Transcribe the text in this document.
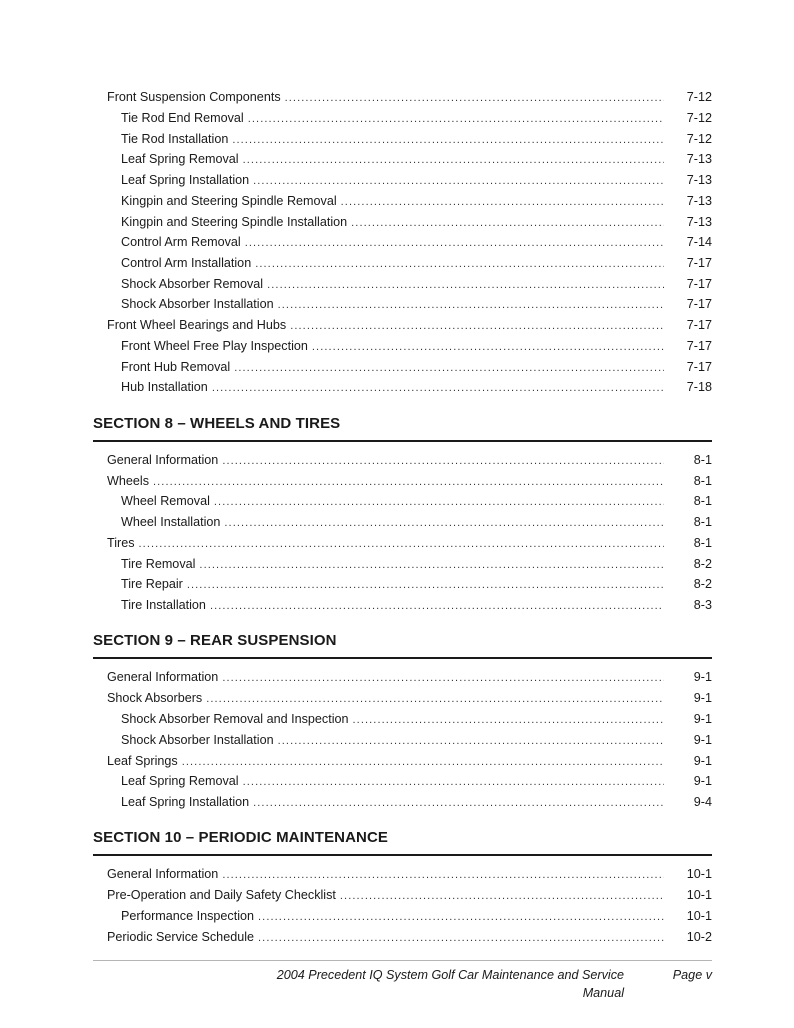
Front Suspension Components .....	7-12
Tie Rod End Removal .....	7-12
Tie Rod Installation .....	7-12
Leaf Spring Removal .....	7-13
Leaf Spring Installation .....	7-13
Kingpin and Steering Spindle Removal .....	7-13
Kingpin and Steering Spindle Installation .....	7-13
Control Arm Removal .....	7-14
Control Arm Installation .....	7-17
Shock Absorber Removal .....	7-17
Shock Absorber Installation .....	7-17
Front Wheel Bearings and Hubs .....	7-17
Front Wheel Free Play Inspection .....	7-17
Front Hub Removal .....	7-17
Hub Installation .....	7-18
SECTION 8 – WHEELS AND TIRES
General Information .....	8-1
Wheels .....	8-1
Wheel Removal .....	8-1
Wheel Installation .....	8-1
Tires .....	8-1
Tire Removal .....	8-2
Tire Repair .....	8-2
Tire Installation .....	8-3
SECTION 9 – REAR SUSPENSION
General Information .....	9-1
Shock Absorbers .....	9-1
Shock Absorber Removal and Inspection .....	9-1
Shock Absorber Installation .....	9-1
Leaf Springs .....	9-1
Leaf Spring Removal .....	9-1
Leaf Spring Installation .....	9-4
SECTION 10 – PERIODIC MAINTENANCE
General Information .....	10-1
Pre-Operation and Daily Safety Checklist .....	10-1
Performance Inspection .....	10-1
Periodic Service Schedule .....	10-2
2004 Precedent IQ System Golf Car Maintenance and Service Manual
Page v
